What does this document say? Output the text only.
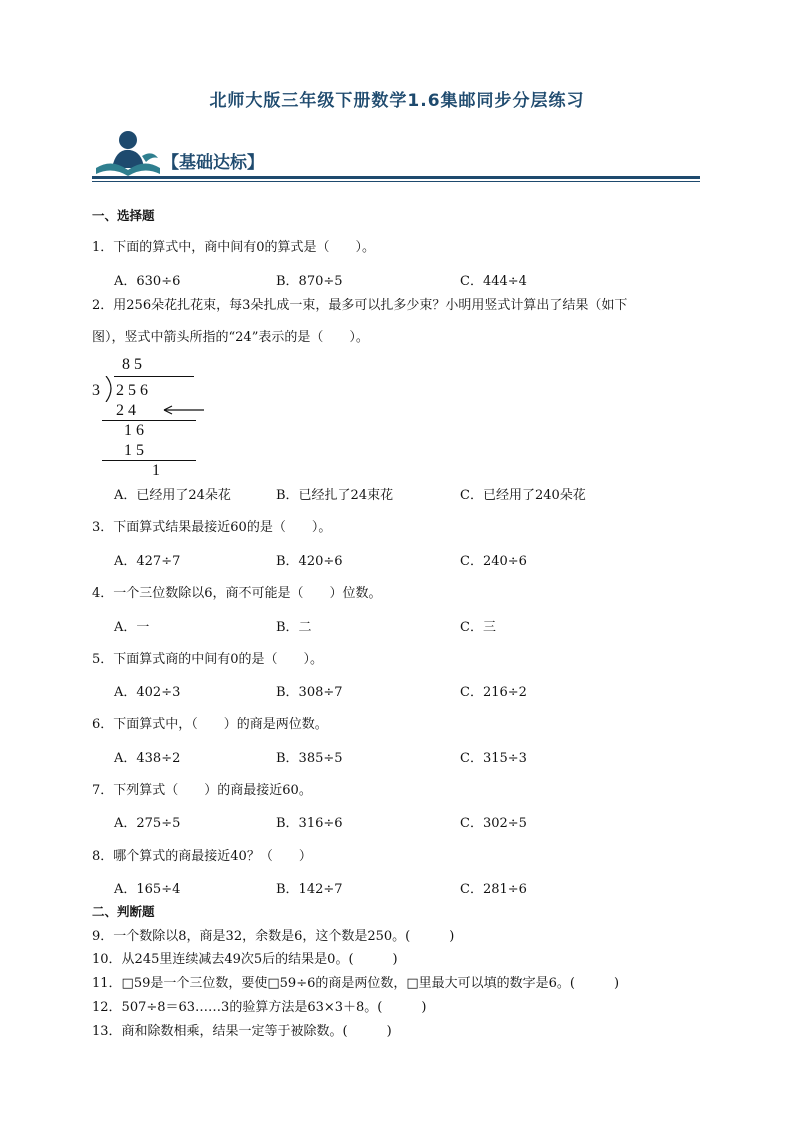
北师大版三年级下册数学1.6集邮同步分层练习
【基础达标】
一、选择题
1．下面的算式中，商中间有0的算式是（　　）。
A．630÷6	B．870÷5	C．444÷4
2．用256朵花扎花束，每3朵扎成一束，最多可以扎多少束？小明用竖式计算出了结果（如下
图），竖式中箭头所指的“24”表示的是（　　）。
8 5
3 2 5 6
2 4
1 6
1 5
1
A．已经用了24朵花	B．已经扎了24束花	C．已经用了240朵花
3．下面算式结果最接近60的是（　　）。
A．427÷7	B．420÷6	C．240÷6
4．一个三位数除以6，商不可能是（　　）位数。
A．一	B．二	C．三
5．下面算式商的中间有0的是（　　）。
A．402÷3	B．308÷7	C．216÷2
6．下面算式中，（　　）的商是两位数。
A．438÷2	B．385÷5	C．315÷3
7．下列算式（　　）的商最接近60。
A．275÷5	B．316÷6	C．302÷5
8．哪个算式的商最接近40？（　　）
A．165÷4	B．142÷7	C．281÷6
二、判断题
9．一个数除以8，商是32，余数是6，这个数是250。(　　　)
10．从245里连续减去49次5后的结果是0。(　　　)
11．□59是一个三位数，要使□59÷6的商是两位数，□里最大可以填的数字是6。(　　　)
12．507÷8＝63……3的验算方法是63×3＋8。(　　　)
13．商和除数相乘，结果一定等于被除数。(　　　)
